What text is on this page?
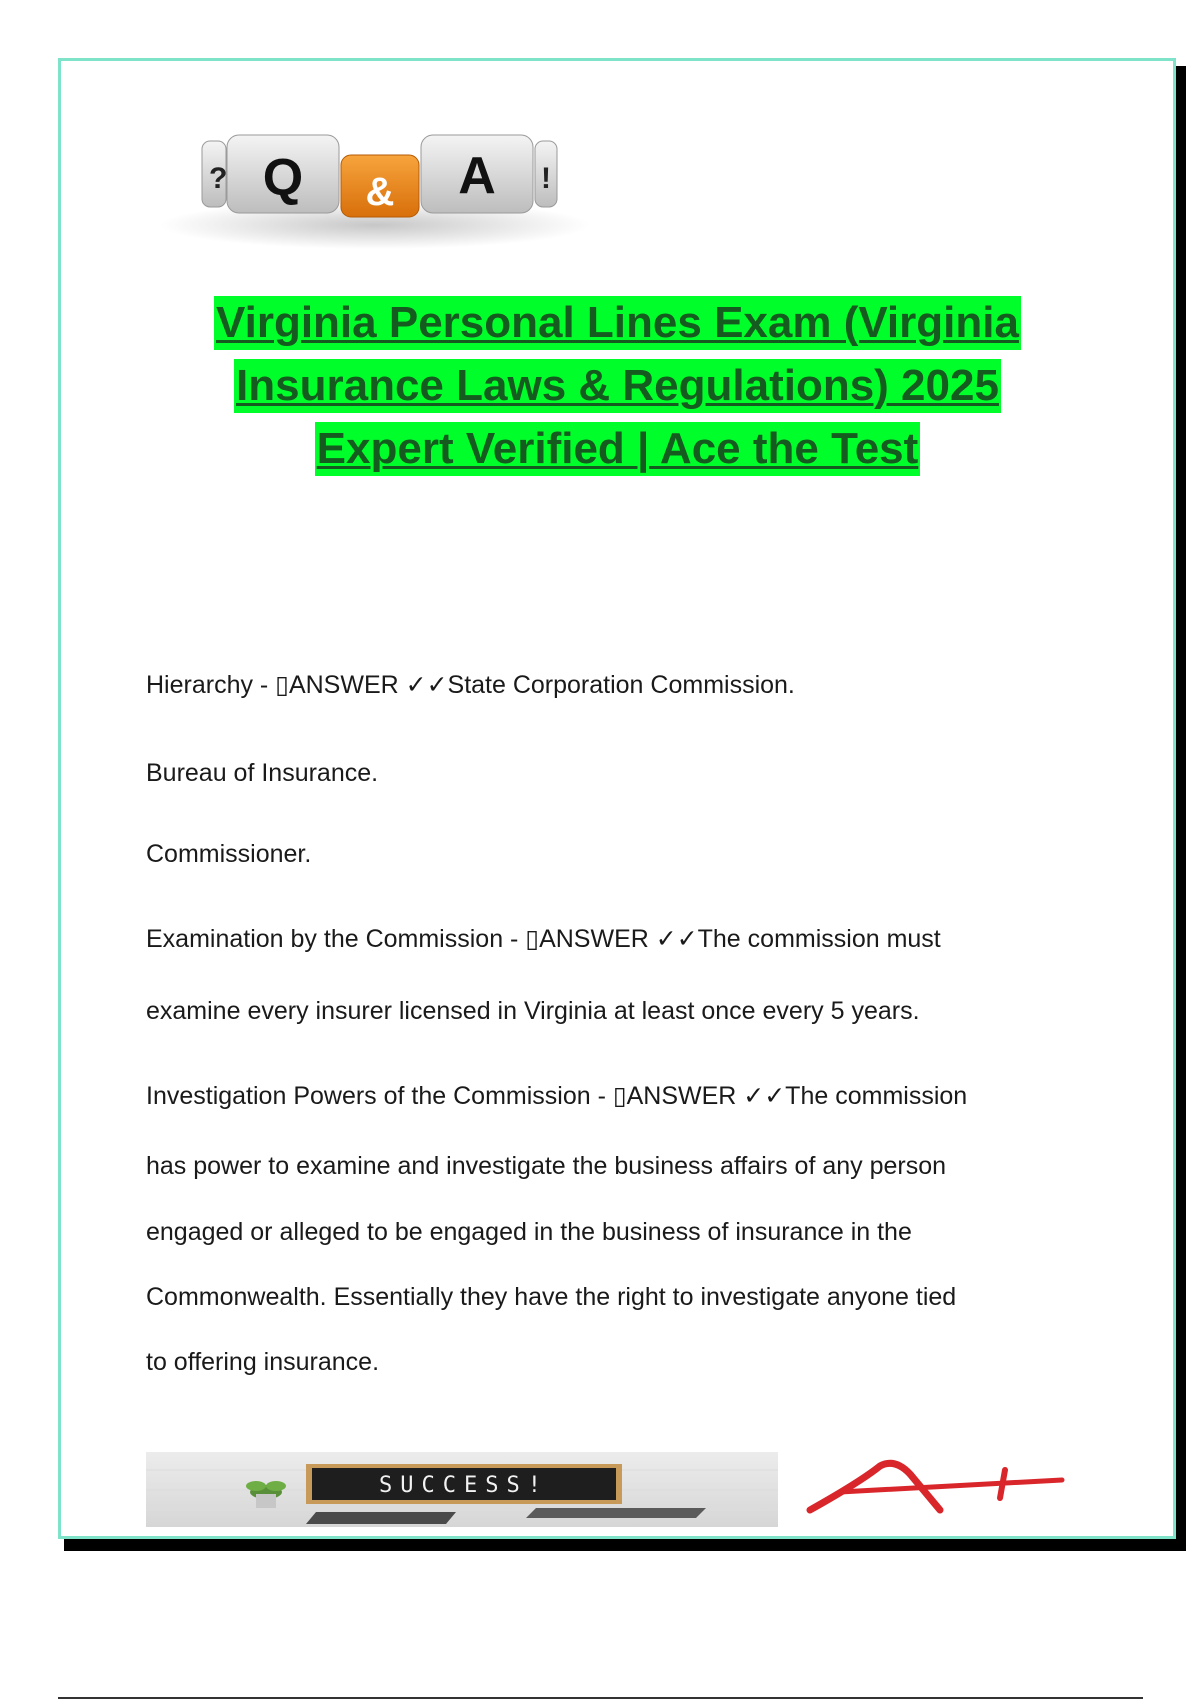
? Q & A !
Virginia Personal Lines Exam (Virginia
Insurance Laws & Regulations) 2025
Expert Verified | Ace the Test
Hierarchy - ▯ANSWER ✓✓State Corporation Commission.
Bureau of Insurance.
Commissioner.
Examination by the Commission - ▯ANSWER ✓✓The commission must
examine every insurer licensed in Virginia at least once every 5 years.
Investigation Powers of the Commission - ▯ANSWER ✓✓The commission
has power to examine and investigate the business affairs of any person
engaged or alleged to be engaged in the business of insurance in the
Commonwealth. Essentially they have the right to investigate anyone tied
to offering insurance.
SUCCESS!
A+
